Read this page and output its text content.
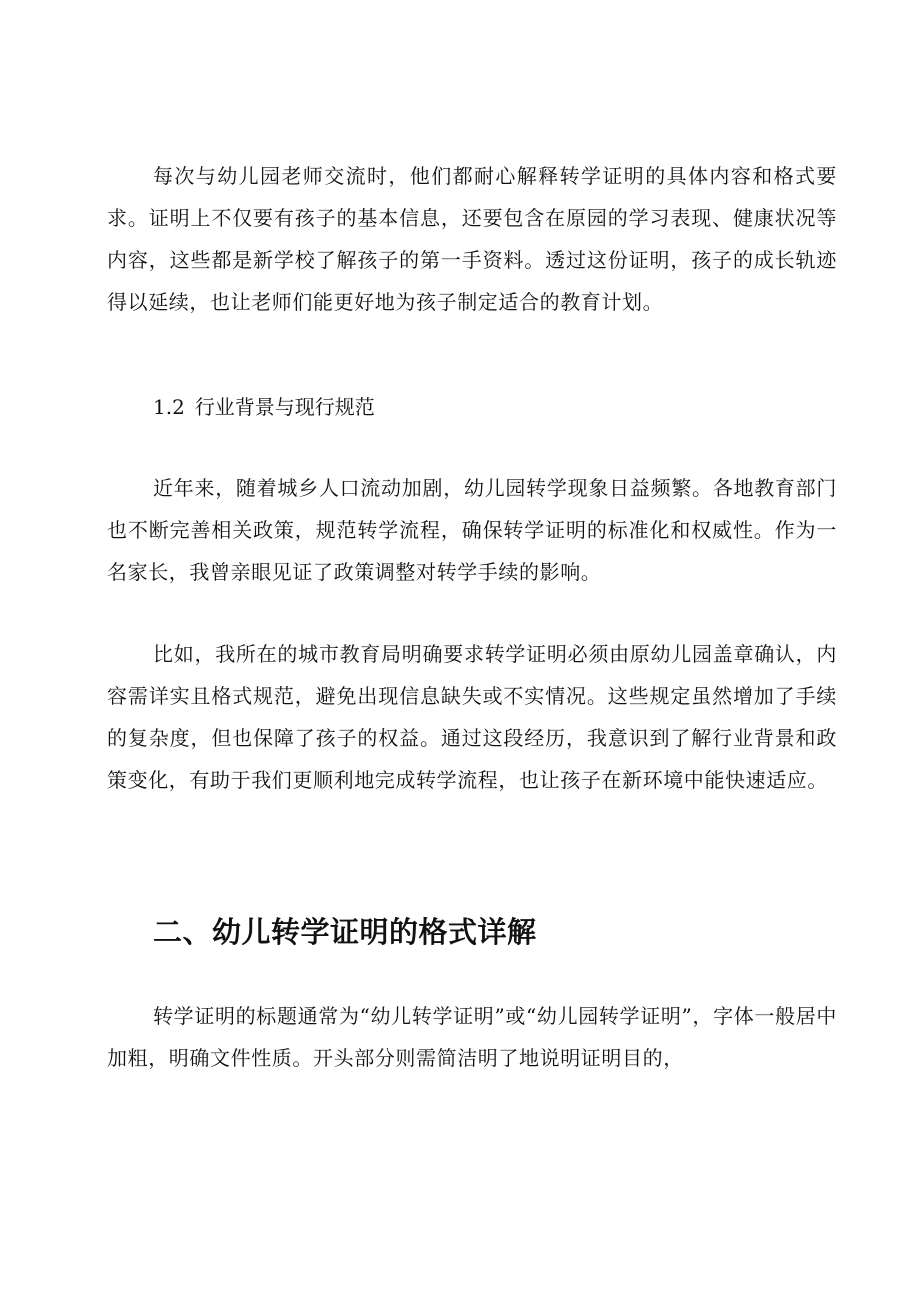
每次与幼儿园老师交流时，他们都耐心解释转学证明的具体内容和格式要求。证明上不仅要有孩子的基本信息，还要包含在原园的学习表现、健康状况等内容，这些都是新学校了解孩子的第一手资料。透过这份证明，孩子的成长轨迹得以延续，也让老师们能更好地为孩子制定适合的教育计划。

1.2 行业背景与现行规范

近年来，随着城乡人口流动加剧，幼儿园转学现象日益频繁。各地教育部门也不断完善相关政策，规范转学流程，确保转学证明的标准化和权威性。作为一名家长，我曾亲眼见证了政策调整对转学手续的影响。

比如，我所在的城市教育局明确要求转学证明必须由原幼儿园盖章确认，内容需详实且格式规范，避免出现信息缺失或不实情况。这些规定虽然增加了手续的复杂度，但也保障了孩子的权益。通过这段经历，我意识到了解行业背景和政策变化，有助于我们更顺利地完成转学流程，也让孩子在新环境中能快速适应。

二、幼儿转学证明的格式详解

转学证明的标题通常为“幼儿转学证明”或“幼儿园转学证明”，字体一般居中加粗，明确文件性质。开头部分则需简洁明了地说明证明目的，
